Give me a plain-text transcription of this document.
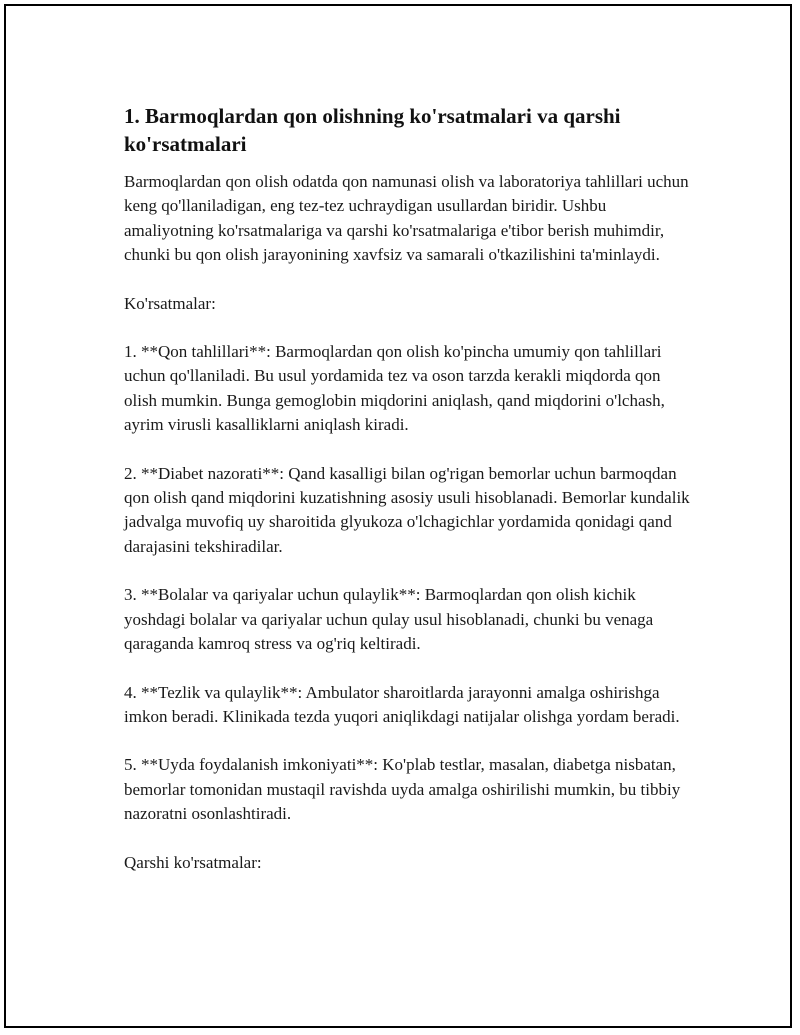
1. Barmoqlardan qon olishning ko'rsatmalari va qarshi ko'rsatmalari

Barmoqlardan qon olish odatda qon namunasi olish va laboratoriya tahlillari uchun keng qo'llaniladigan, eng tez-tez uchraydigan usullardan biridir. Ushbu amaliyotning ko'rsatmalariga va qarshi ko'rsatmalariga e'tibor berish muhimdir, chunki bu qon olish jarayonining xavfsiz va samarali o'tkazilishini ta'minlaydi.

Ko'rsatmalar:

1. **Qon tahlillari**: Barmoqlardan qon olish ko'pincha umumiy qon tahlillari uchun qo'llaniladi. Bu usul yordamida tez va oson tarzda kerakli miqdorda qon olish mumkin. Bunga gemoglobin miqdorini aniqlash, qand miqdorini o'lchash, ayrim virusli kasalliklarni aniqlash kiradi.

2. **Diabet nazorati**: Qand kasalligi bilan og'rigan bemorlar uchun barmoqdan qon olish qand miqdorini kuzatishning asosiy usuli hisoblanadi. Bemorlar kundalik jadvalga muvofiq uy sharoitida glyukoza o'lchagichlar yordamida qonidagi qand darajasini tekshiradilar.

3. **Bolalar va qariyalar uchun qulaylik**: Barmoqlardan qon olish kichik yoshdagi bolalar va qariyalar uchun qulay usul hisoblanadi, chunki bu venaga qaraganda kamroq stress va og'riq keltiradi.

4. **Tezlik va qulaylik**: Ambulator sharoitlarda jarayonni amalga oshirishga imkon beradi. Klinikada tezda yuqori aniqlikdagi natijalar olishga yordam beradi.

5. **Uyda foydalanish imkoniyati**: Ko'plab testlar, masalan, diabetga nisbatan, bemorlar tomonidan mustaqil ravishda uyda amalga oshirilishi mumkin, bu tibbiy nazoratni osonlashtiradi.

Qarshi ko'rsatmalar:
